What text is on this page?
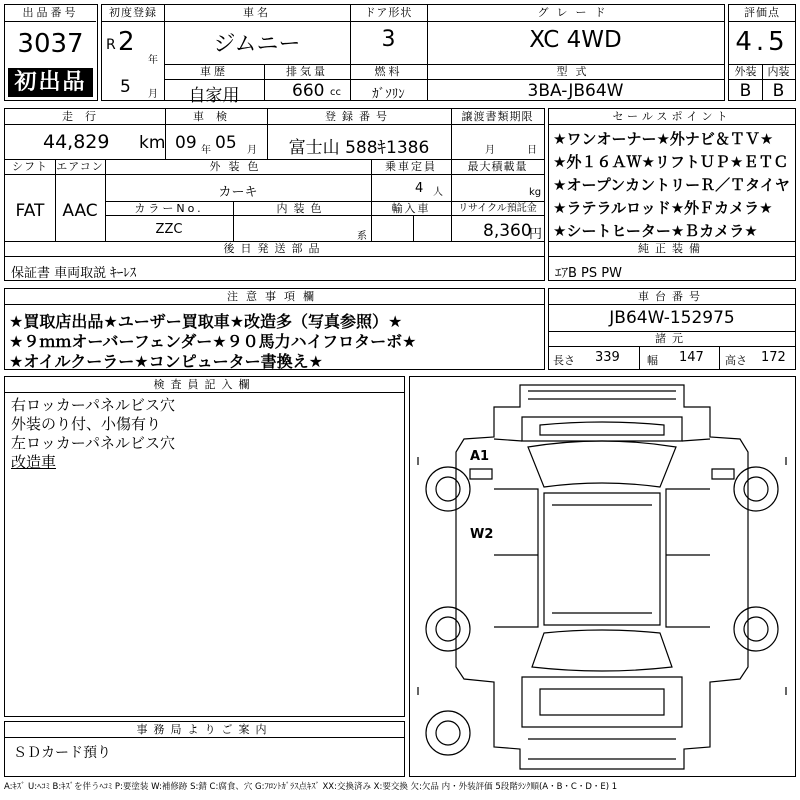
出品番号
3037
初出品
初度登録
R 2
年
5 月
車名
ジムニー
ドア形状
3
グレード
XC 4WD
車歴
自家用
排気量
660 cc
燃料
ｶﾞｿﾘﾝ
型式
3BA-JB64W
評価点
4.5
外装	内装
B	B
走行
44,829 km
車検
09 年 05 月
登録番号
富士山 588ｷ1386
譲渡書類期限
月	日
シフト
FAT
エアコン
AAC
外装色
カーキ
乗車定員
4 人
最大積載量
kg
カラーNo.
ZZC
内装色
系
輸入車	リサイクル預託金
8,360
円
後日発送部品
保証書 車両取説 ｷｰﾚｽ
セールスポイント
★ワンオーナー★外ナビ＆ＴＶ★
★外１６ＡＷ★リフトＵＰ★ＥＴＣ
★オープンカントリーＲ／Ｔタイヤ
★ラテラルロッド★外Ｆカメラ★
★シートヒーター★Ｂカメラ★
純正装備
ｴｱB PS PW
注意事項欄
★買取店出品★ユーザー買取車★改造多（写真参照）★
★９ｍｍオーバーフェンダー★９０馬力ハイフロターボ★
★オイルクーラー★コンピューター書換え★
車台番号
JB64W-152975
諸元
長さ 339 幅 147 高さ 172
検査員記入欄
右ロッカーパネルビス穴
外装のり付、小傷有り
左ロッカーパネルビス穴
改造車
事務局よりご案内
ＳＤカード預り
A1
W2
A:ｷｽﾞ U:ﾍｺﾐ B:ｷｽﾞを伴うﾍｺﾐ P:要塗装 W:補修跡 S:錆 C:腐食、穴 G:ﾌﾛﾝﾄｶﾞﾗｽ点ｷｽﾞ XX:交換済み X:要交換 欠:欠品 内・外装評価 5段階ﾗﾝｸ順(A・B・C・D・E) 1
